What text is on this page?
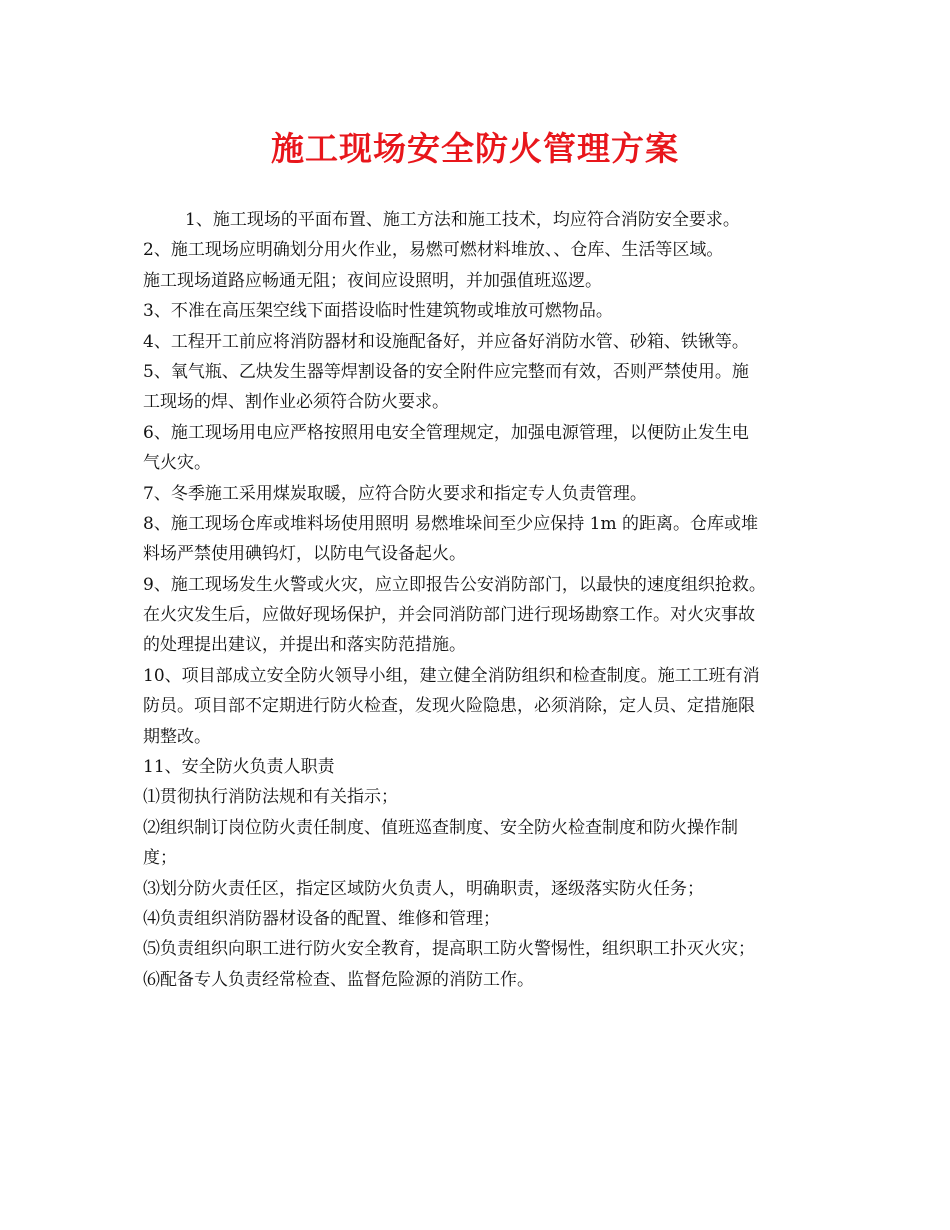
施工现场安全防火管理方案
1、施工现场的平面布置、施工方法和施工技术，均应符合消防安全要求。
2、施工现场应明确划分用火作业，易燃可燃材料堆放、、仓库、生活等区域。
施工现场道路应畅通无阻；夜间应设照明，并加强值班巡逻。
3、不准在高压架空线下面搭设临时性建筑物或堆放可燃物品。
4、工程开工前应将消防器材和设施配备好，并应备好消防水管、砂箱、铁锹等。
5、氧气瓶、乙炔发生器等焊割设备的安全附件应完整而有效，否则严禁使用。施
工现场的焊、割作业必须符合防火要求。
6、施工现场用电应严格按照用电安全管理规定，加强电源管理，以便防止发生电
气火灾。
7、冬季施工采用煤炭取暖，应符合防火要求和指定专人负责管理。
8、施工现场仓库或堆料场使用照明 易燃堆垛间至少应保持 1m 的距离。仓库或堆
料场严禁使用碘钨灯，以防电气设备起火。
9、施工现场发生火警或火灾，应立即报告公安消防部门，以最快的速度组织抢救。
在火灾发生后，应做好现场保护，并会同消防部门进行现场勘察工作。对火灾事故
的处理提出建议，并提出和落实防范措施。
10、项目部成立安全防火领导小组，建立健全消防组织和检查制度。施工工班有消
防员。项目部不定期进行防火检查，发现火险隐患，必须消除，定人员、定措施限
期整改。
11、安全防火负责人职责
⑴贯彻执行消防法规和有关指示；
⑵组织制订岗位防火责任制度、值班巡查制度、安全防火检查制度和防火操作制
度；
⑶划分防火责任区，指定区域防火负责人，明确职责，逐级落实防火任务；
⑷负责组织消防器材设备的配置、维修和管理；
⑸负责组织向职工进行防火安全教育，提高职工防火警惕性，组织职工扑灭火灾；
⑹配备专人负责经常检查、监督危险源的消防工作。
